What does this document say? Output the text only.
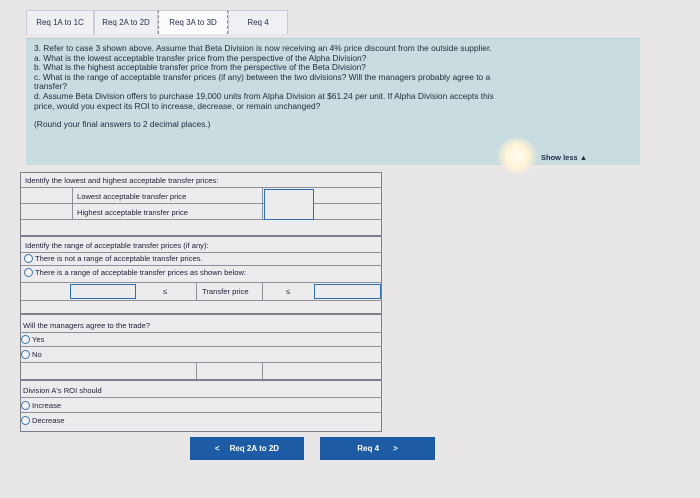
Req 1A to 1C	Req 2A to 2D	Req 3A to 3D	Req 4

3. Refer to case 3 shown above. Assume that Beta Division is now receiving an 4% price discount from the outside supplier.

a. What is the lowest acceptable transfer price from the perspective of the Alpha Division?

b. What is the highest acceptable transfer price from the perspective of the Beta Division?

c. What is the range of acceptable transfer prices (if any) between the two divisions? Will the managers probably agree to a

transfer?

d. Assume Beta Division offers to purchase 19,000 units from Alpha Division at $61.24 per unit. If Alpha Division accepts this

price, would you expect its ROI to increase, decrease, or remain unchanged?

(Round your final answers to 2 decimal places.)

Show less ▲
Identify the lowest and highest acceptable transfer prices:
Lowest acceptable transfer price
Highest acceptable transfer price
Identify the range of acceptable transfer prices (if any):
There is not a range of acceptable transfer prices.
There is a range of acceptable transfer prices as shown below:
≤	Transfer price	≤
Will the managers agree to the trade?
Yes
No
Division A's ROI should
Increase
Decrease
< Req 2A to 2D	Req 4 >
